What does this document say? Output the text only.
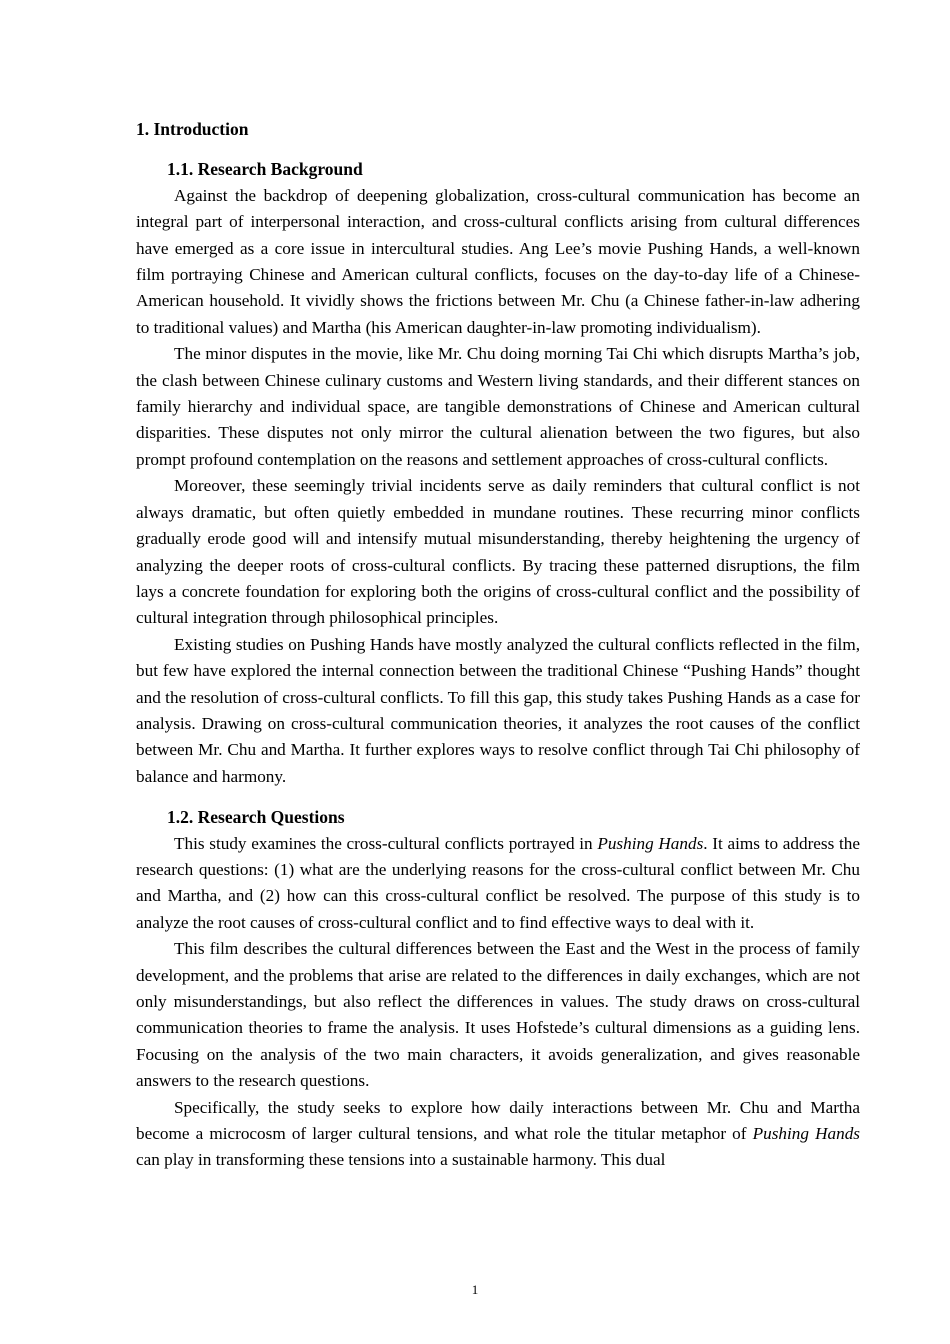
1. Introduction
1.1. Research Background

Against the backdrop of deepening globalization, cross-cultural communication has become an integral part of interpersonal interaction, and cross-cultural conflicts arising from cultural differences have emerged as a core issue in intercultural studies. Ang Lee’s movie Pushing Hands, a well-known film portraying Chinese and American cultural conflicts, focuses on the day-to-day life of a Chinese-American household. It vividly shows the frictions between Mr. Chu (a Chinese father-in-law adhering to traditional values) and Martha (his American daughter-in-law promoting individualism).

The minor disputes in the movie, like Mr. Chu doing morning Tai Chi which disrupts Martha’s job, the clash between Chinese culinary customs and Western living standards, and their different stances on family hierarchy and individual space, are tangible demonstrations of Chinese and American cultural disparities. These disputes not only mirror the cultural alienation between the two figures, but also prompt profound contemplation on the reasons and settlement approaches of cross-cultural conflicts.

Moreover, these seemingly trivial incidents serve as daily reminders that cultural conflict is not always dramatic, but often quietly embedded in mundane routines. These recurring minor conflicts gradually erode good will and intensify mutual misunderstanding, thereby heightening the urgency of analyzing the deeper roots of cross-cultural conflicts. By tracing these patterned disruptions, the film lays a concrete foundation for exploring both the origins of cross-cultural conflict and the possibility of cultural integration through philosophical principles.

Existing studies on Pushing Hands have mostly analyzed the cultural conflicts reflected in the film, but few have explored the internal connection between the traditional Chinese “Pushing Hands” thought and the resolution of cross-cultural conflicts. To fill this gap, this study takes Pushing Hands as a case for analysis. Drawing on cross-cultural communication theories, it analyzes the root causes of the conflict between Mr. Chu and Martha. It further explores ways to resolve conflict through Tai Chi philosophy of balance and harmony.

1.2. Research Questions

This study examines the cross-cultural conflicts portrayed in Pushing Hands. It aims to address the research questions: (1) what are the underlying reasons for the cross-cultural conflict between Mr. Chu and Martha, and (2) how can this cross-cultural conflict be resolved. The purpose of this study is to analyze the root causes of cross-cultural conflict and to find effective ways to deal with it.

This film describes the cultural differences between the East and the West in the process of family development, and the problems that arise are related to the differences in daily exchanges, which are not only misunderstandings, but also reflect the differences in values. The study draws on cross-cultural communication theories to frame the analysis. It uses Hofstede’s cultural dimensions as a guiding lens. Focusing on the analysis of the two main characters, it avoids generalization, and gives reasonable answers to the research questions.

Specifically, the study seeks to explore how daily interactions between Mr. Chu and Martha become a microcosm of larger cultural tensions, and what role the titular metaphor of Pushing Hands can play in transforming these tensions into a sustainable harmony. This dual

1
